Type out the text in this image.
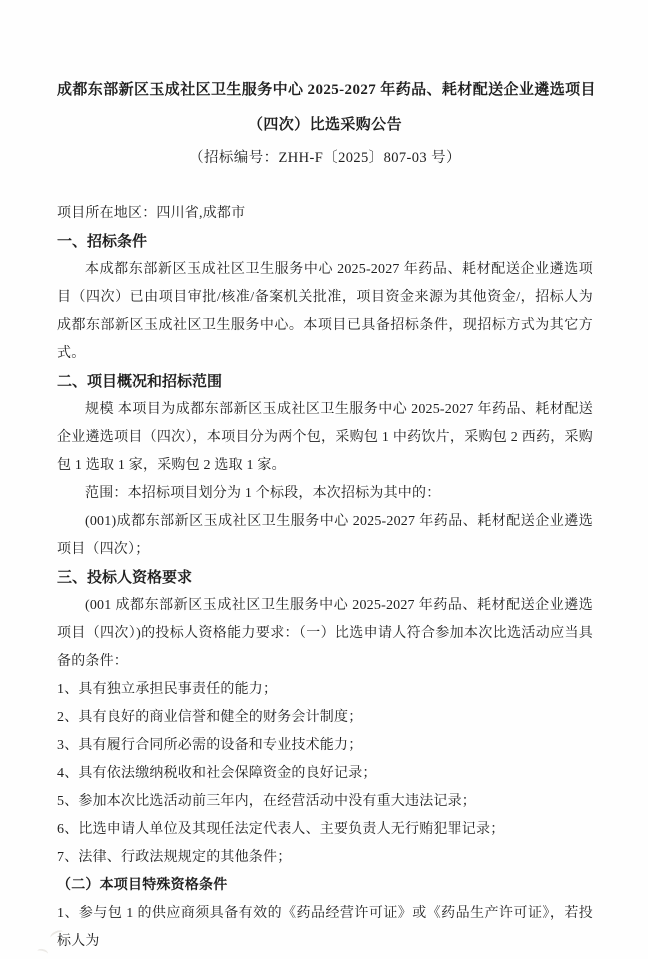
成都东部新区玉成社区卫生服务中心 2025-2027 年药品、耗材配送企业遴选项目
（四次）比选采购公告
（招标编号：ZHH-F〔2025〕807-03 号）

项目所在地区：四川省,成都市

一、招标条件

本成都东部新区玉成社区卫生服务中心 2025-2027 年药品、耗材配送企业遴选项目（四次）已由项目审批/核准/备案机关批准，项目资金来源为其他资金/，招标人为成都东部新区玉成社区卫生服务中心。本项目已具备招标条件，现招标方式为其它方式。

二、项目概况和招标范围

规模 本项目为成都东部新区玉成社区卫生服务中心 2025-2027 年药品、耗材配送企业遴选项目（四次），本项目分为两个包，采购包 1 中药饮片，采购包 2 西药，采购包 1 选取 1 家，采购包 2 选取 1 家。

范围：本招标项目划分为 1 个标段，本次招标为其中的：

(001)成都东部新区玉成社区卫生服务中心 2025-2027 年药品、耗材配送企业遴选项目（四次）；

三、投标人资格要求

(001 成都东部新区玉成社区卫生服务中心 2025-2027 年药品、耗材配送企业遴选项目（四次）)的投标人资格能力要求：（一）比选申请人符合参加本次比选活动应当具备的条件：

1、具有独立承担民事责任的能力；

2、具有良好的商业信誉和健全的财务会计制度；

3、具有履行合同所必需的设备和专业技术能力；

4、具有依法缴纳税收和社会保障资金的良好记录；

5、参加本次比选活动前三年内，在经营活动中没有重大违法记录；

6、比选申请人单位及其现任法定代表人、主要负责人无行贿犯罪记录；

7、法律、行政法规规定的其他条件；

（二）本项目特殊资格条件

1、参与包 1 的供应商须具备有效的《药品经营许可证》或《药品生产许可证》，若投标人为
